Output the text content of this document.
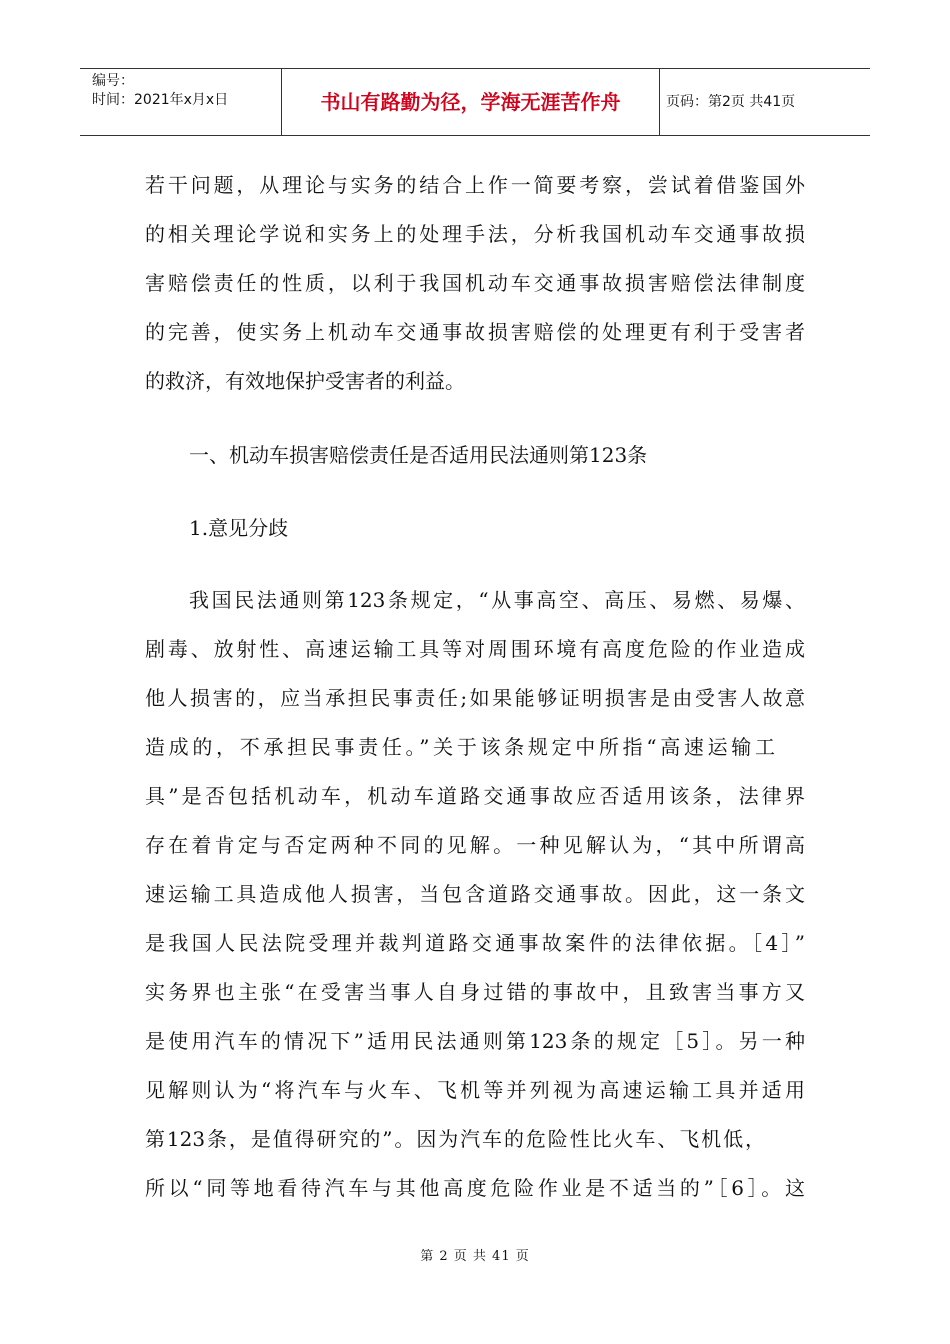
编号：
时间：2021年x月x日	书山有路勤为径，学海无涯苦作舟	页码：第2页 共41页
若干问题，从理论与实务的结合上作一简要考察，尝试着借鉴国外
的相关理论学说和实务上的处理手法，分析我国机动车交通事故损
害赔偿责任的性质，以利于我国机动车交通事故损害赔偿法律制度
的完善，使实务上机动车交通事故损害赔偿的处理更有利于受害者
的救济，有效地保护受害者的利益。
一、机动车损害赔偿责任是否适用民法通则第123条
1.意见分歧
我国民法通则第123条规定，“从事高空、高压、易燃、易爆、
剧毒、放射性、高速运输工具等对周围环境有高度危险的作业造成
他人损害的，应当承担民事责任;如果能够证明损害是由受害人故意
造成的，不承担民事责任。”关于该条规定中所指“高速运输工
具”是否包括机动车，机动车道路交通事故应否适用该条，法律界
存在着肯定与否定两种不同的见解。一种见解认为，“其中所谓高
速运输工具造成他人损害，当包含道路交通事故。因此，这一条文
是我国人民法院受理并裁判道路交通事故案件的法律依据。［4］”
实务界也主张“在受害当事人自身过错的事故中，且致害当事方又
是使用汽车的情况下”适用民法通则第123条的规定［5］。另一种
见解则认为“将汽车与火车、飞机等并列视为高速运输工具并适用
第123条，是值得研究的”。因为汽车的危险性比火车、飞机低，
所以“同等地看待汽车与其他高度危险作业是不适当的”［6］。这
第 2 页 共 41 页
